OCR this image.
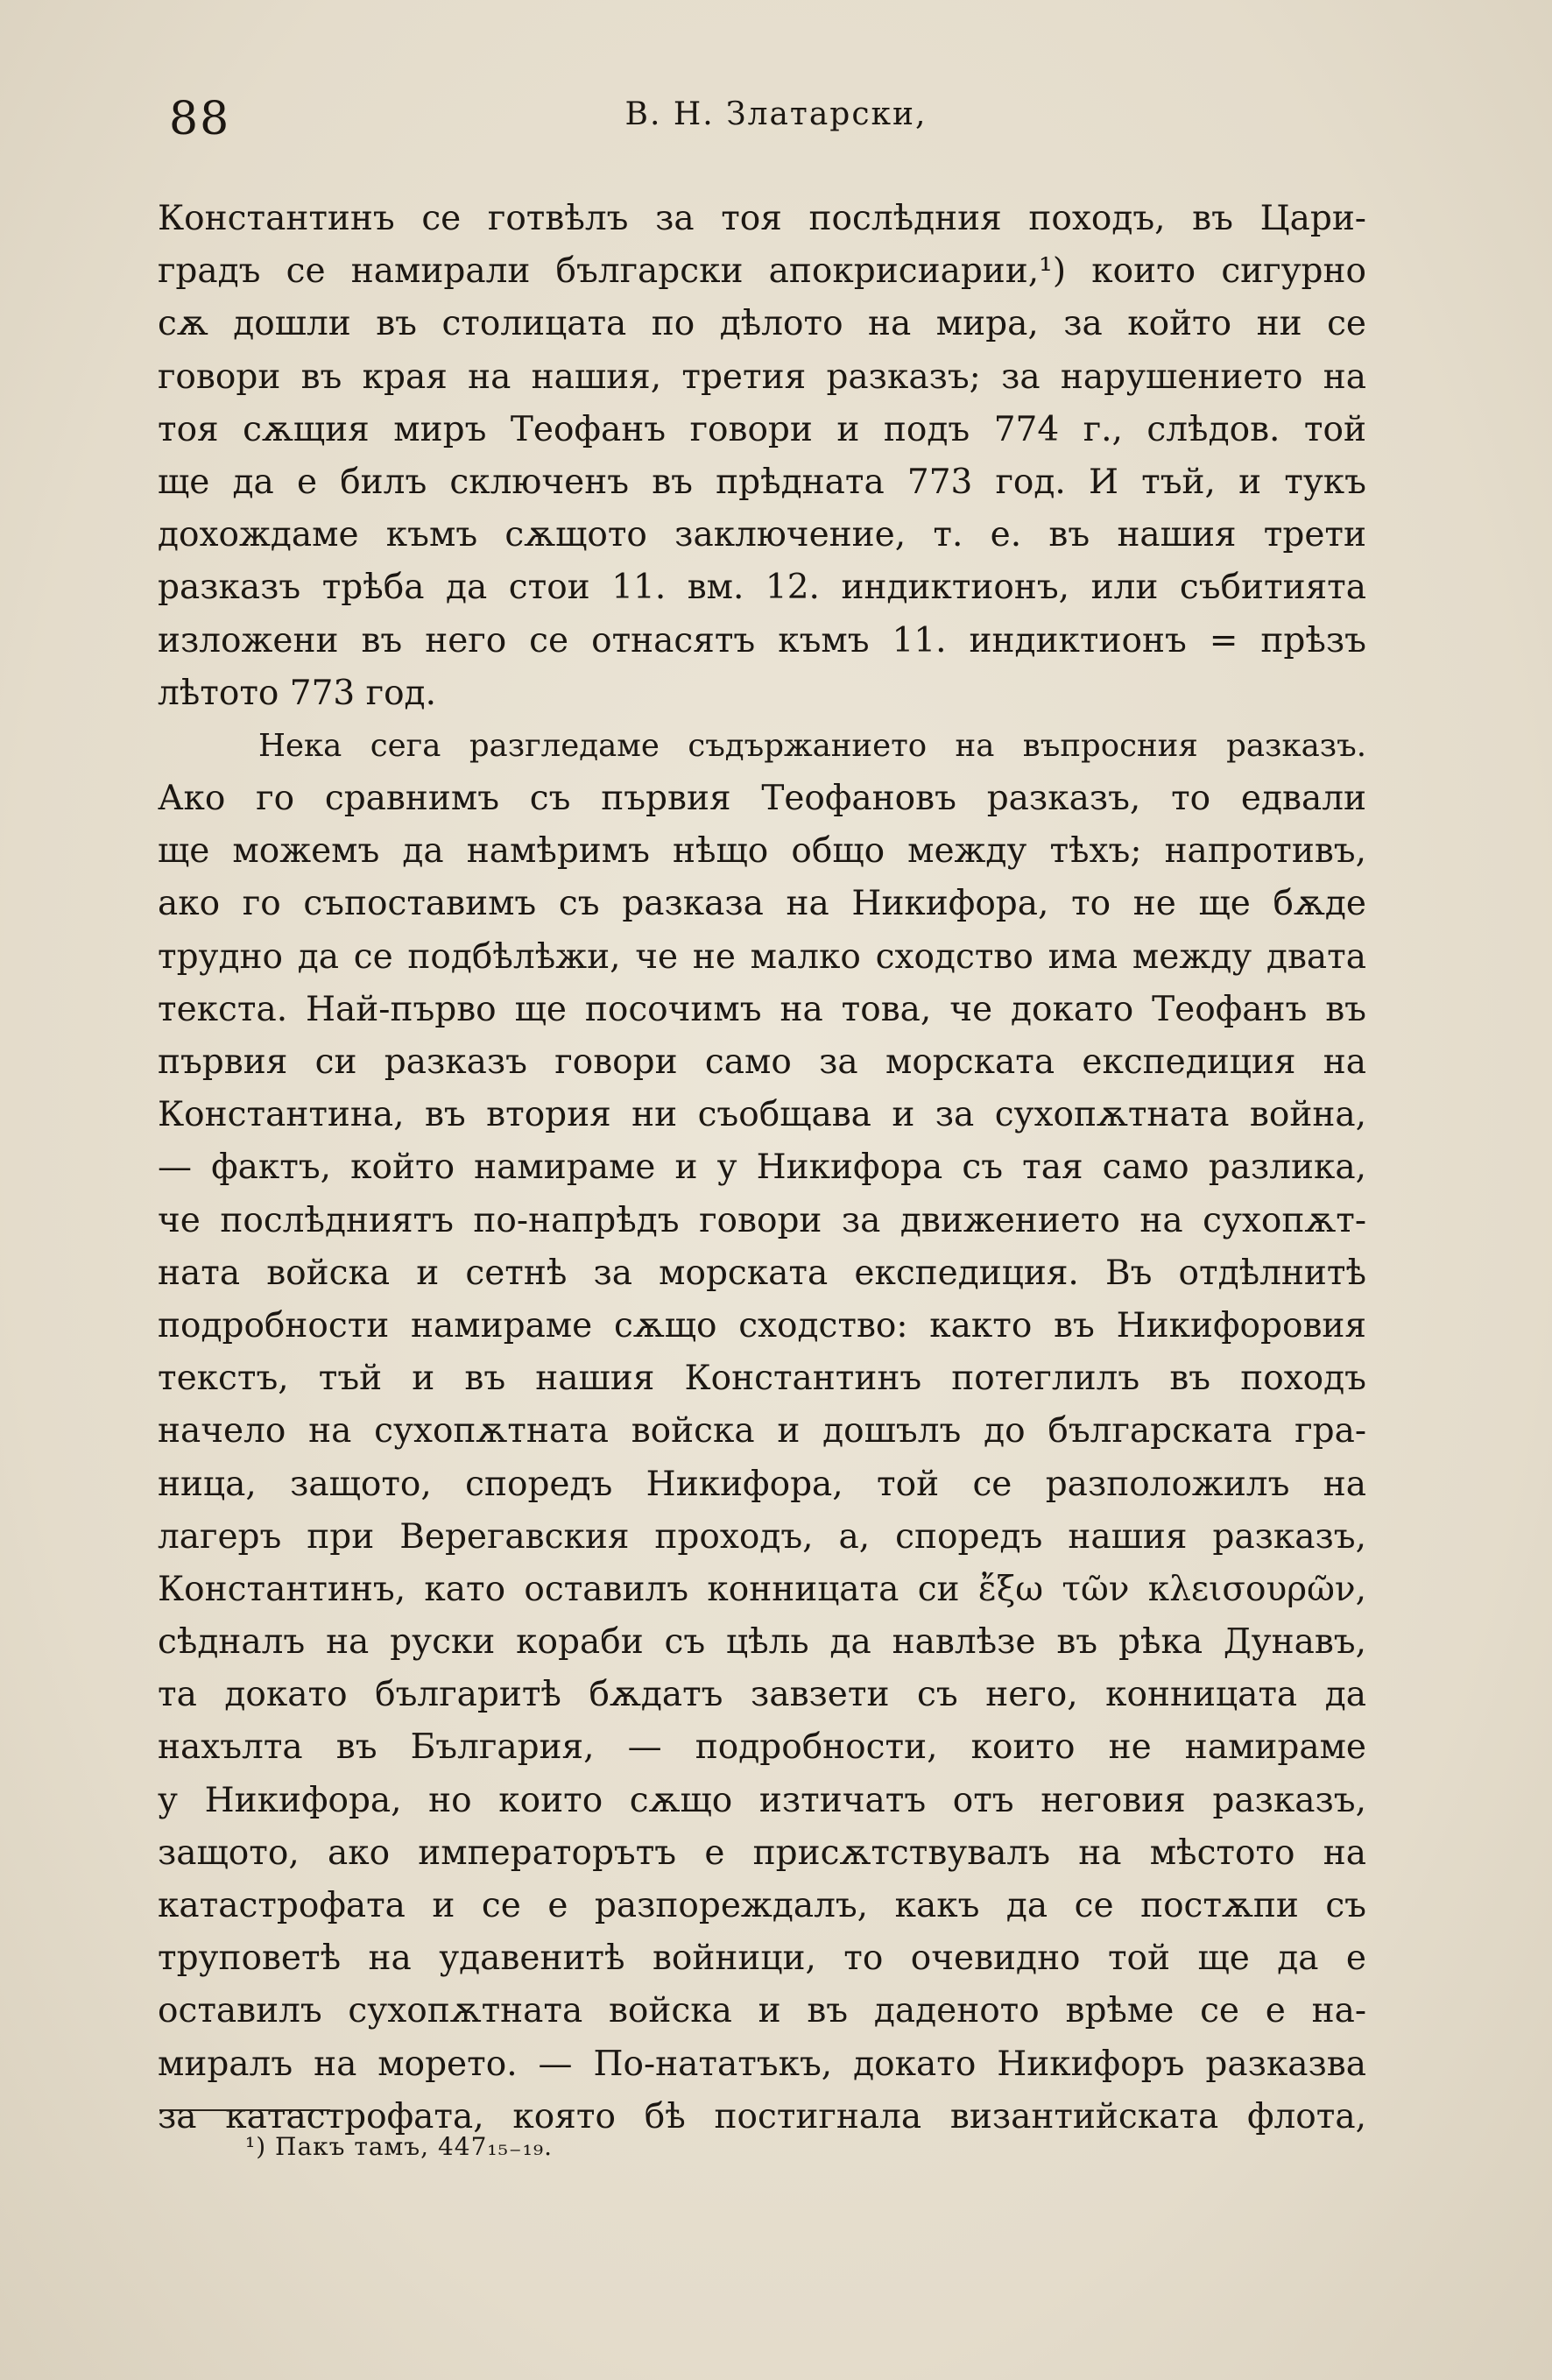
88	В. Н. Златарски,
Константинъ се готвѣлъ за тоя послѣдния походъ, въ Цари-
градъ се намирали български апокрисиарии,¹) които сигурно
сѫ дошли въ столицата по дѣлото на мира, за който ни се
говори въ края на нашия, третия разказъ; за нарушението на
тоя сѫщия миръ Теофанъ говори и подъ 774 г., слѣдов. той
ще да е билъ сключенъ въ прѣдната 773 год. И тъй, и тукъ
дохождаме къмъ сѫщото заключение, т. е. въ нашия трети
разказъ трѣба да стои 11. вм. 12. индиктионъ, или събитията
изложени въ него се отнасятъ къмъ 11. индиктионъ = прѣзъ
лѣтото 773 год.
Нека сега разгледаме съдържанието на въпросния разказъ.
Ако го сравнимъ съ първия Теофановъ разказъ, то едвали
ще можемъ да намѣримъ нѣщо общо между тѣхъ; напротивъ,
ако го съпоставимъ съ разказа на Никифора, то не ще бѫде
трудно да се подбѣлѣжи, че не малко сходство има между двата
текста. Най-първо ще посочимъ на това, че докато Теофанъ въ
първия си разказъ говори само за морската експедиция на
Константина, въ втория ни съобщава и за сухопѫтната война,
— фактъ, който намираме и у Никифора съ тая само разлика,
че послѣдниятъ по-напрѣдъ говори за движението на сухопѫт-
ната войска и сетнѣ за морската експедиция. Въ отдѣлнитѣ
подробности намираме сѫщо сходство: както въ Никифоровия
текстъ, тъй и въ нашия Константинъ потеглилъ въ походъ
начело на сухопѫтната войска и дошълъ до българската гра-
ница, защото, споредъ Никифора, той се разположилъ на
лагеръ при Верегавския проходъ, а, споредъ нашия разказъ,
Константинъ, като оставилъ конницата си ἔξω τῶν κλεισουρῶν,
сѣдналъ на руски кораби съ цѣль да навлѣзе въ рѣка Дунавъ,
та докато българитѣ бѫдатъ завзети съ него, конницата да
нахълта въ България, — подробности, които не намираме
у Никифора, но които сѫщо изтичатъ отъ неговия разказъ,
защото, ако императорътъ е присѫтствувалъ на мѣстото на
катастрофата и се е разпореждалъ, какъ да се постѫпи съ
труповетѣ на удавенитѣ войници, то очевидно той ще да е
оставилъ сухопѫтната войска и въ даденото врѣме се е на-
миралъ на морето. — По-нататъкъ, докато Никифоръ разказва
за катастрофата, която бѣ постигнала византийската флота,
¹) Пакъ тамъ, 447₁₅₋₁₉.
